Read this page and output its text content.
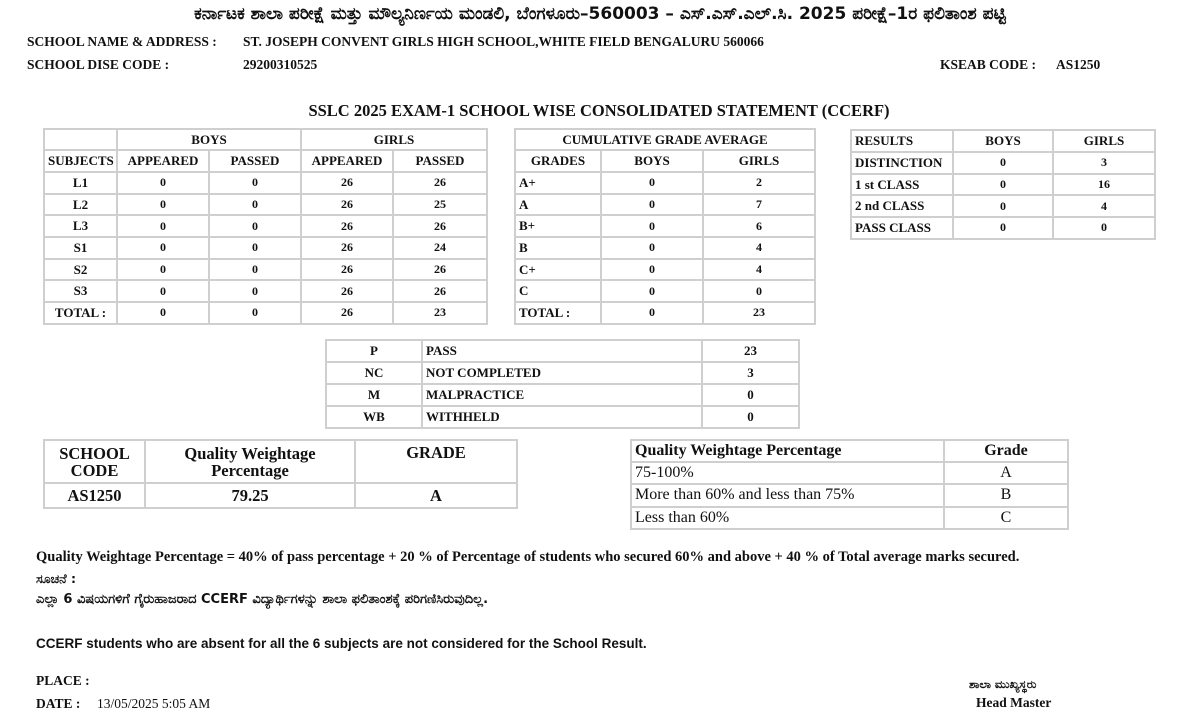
ಕರ್ನಾಟಕ ಶಾಲಾ ಪರೀಕ್ಷೆ ಮತ್ತು ಮೌಲ್ಯನಿರ್ಣಯ ಮಂಡಲಿ, ಬೆಂಗಳೂರು–560003 – ಎಸ್.ಎಸ್.ಎಲ್.ಸಿ. 2025 ಪರೀಕ್ಷೆ–1ರ ಫಲಿತಾಂಶ ಪಟ್ಟಿ
SCHOOL NAME & ADDRESS : ST. JOSEPH CONVENT GIRLS HIGH SCHOOL,WHITE FIELD BENGALURU 560066
SCHOOL DISE CODE :	29200310525	KSEAB CODE : AS1250
SSLC 2025 EXAM-1 SCHOOL WISE CONSOLIDATED STATEMENT (CCERF)
	BOYS		GIRLS	
SUBJECTS	APPEARED	PASSED	APPEARED	PASSED
L1	0	0	26	26
L2	0	0	26	25
L3	0	0	26	26
S1	0	0	26	24
S2	0	0	26	26
S3	0	0	26	26
TOTAL :	0	0	26	23
CUMULATIVE GRADE AVERAGE		
GRADES	BOYS	GIRLS
A+	0	2
A	0	7
B+	0	6
B	0	4
C+	0	4
C	0	0
TOTAL :	0	23
RESULTS	BOYS	GIRLS
DISTINCTION	0	3
1 st CLASS	0	16
2 nd CLASS	0	4
PASS CLASS	0	0
P	PASS	23
NC	NOT COMPLETED	3
M	MALPRACTICE	0
WB	WITHHELD	0
SCHOOL CODE	Quality Weightage Percentage	GRADE
AS1250	79.25	A
Quality Weightage Percentage	Grade
75-100%	A
More than 60% and less than 75%	B
Less than 60%	C
Quality Weightage Percentage = 40% of pass percentage + 20 % of Percentage of students who secured 60% and above + 40 % of Total average marks secured.
ಸೂಚನೆ :
ಎಲ್ಲಾ 6 ವಿಷಯಗಳಿಗೆ ಗೈರುಹಾಜರಾದ CCERF ವಿದ್ಯಾರ್ಥಿಗಳನ್ನು ಶಾಲಾ ಫಲಿತಾಂಶಕ್ಕೆ ಪರಿಗಣಿಸಿರುವುದಿಲ್ಲ.
CCERF students who are absent for all the 6 subjects are not considered for the School Result.
PLACE :
DATE : 13/05/2025 5:05 AM
ಶಾಲಾ ಮುಖ್ಯಸ್ಥರು
Head Master
